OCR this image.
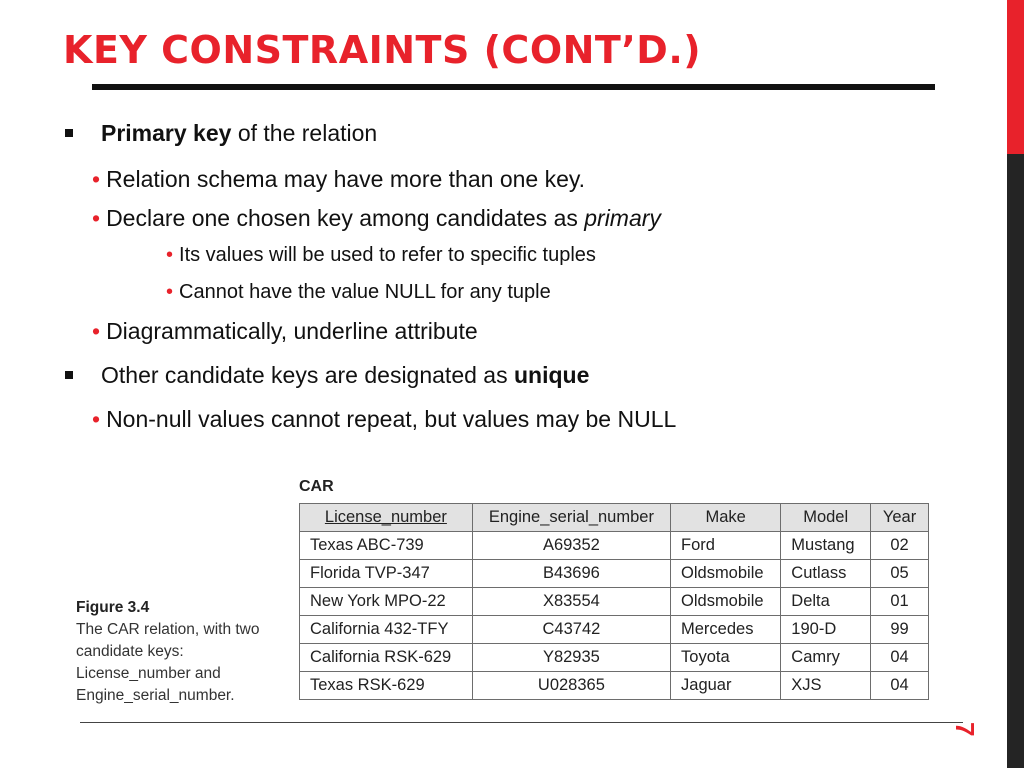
KEY CONSTRAINTS (CONT’D.)
Primary key of the relation
• Relation schema may have more than one key.
• Declare one chosen key among candidates as primary
• Its values will be used to refer to specific tuples
• Cannot have the value NULL for any tuple
• Diagrammatically, underline attribute
Other candidate keys are designated as unique
• Non-null values cannot repeat, but values may be NULL
CAR
License_number	Engine_serial_number	Make	Model	Year
Texas ABC-739	A69352	Ford	Mustang	02
Florida TVP-347	B43696	Oldsmobile	Cutlass	05
New York MPO-22	X83554	Oldsmobile	Delta	01
California 432-TFY	C43742	Mercedes	190-D	99
California RSK-629	Y82935	Toyota	Camry	04
Texas RSK-629	U028365	Jaguar	XJS	04
Figure 3.4
The CAR relation, with two candidate keys: License_number and Engine_serial_number.
7
